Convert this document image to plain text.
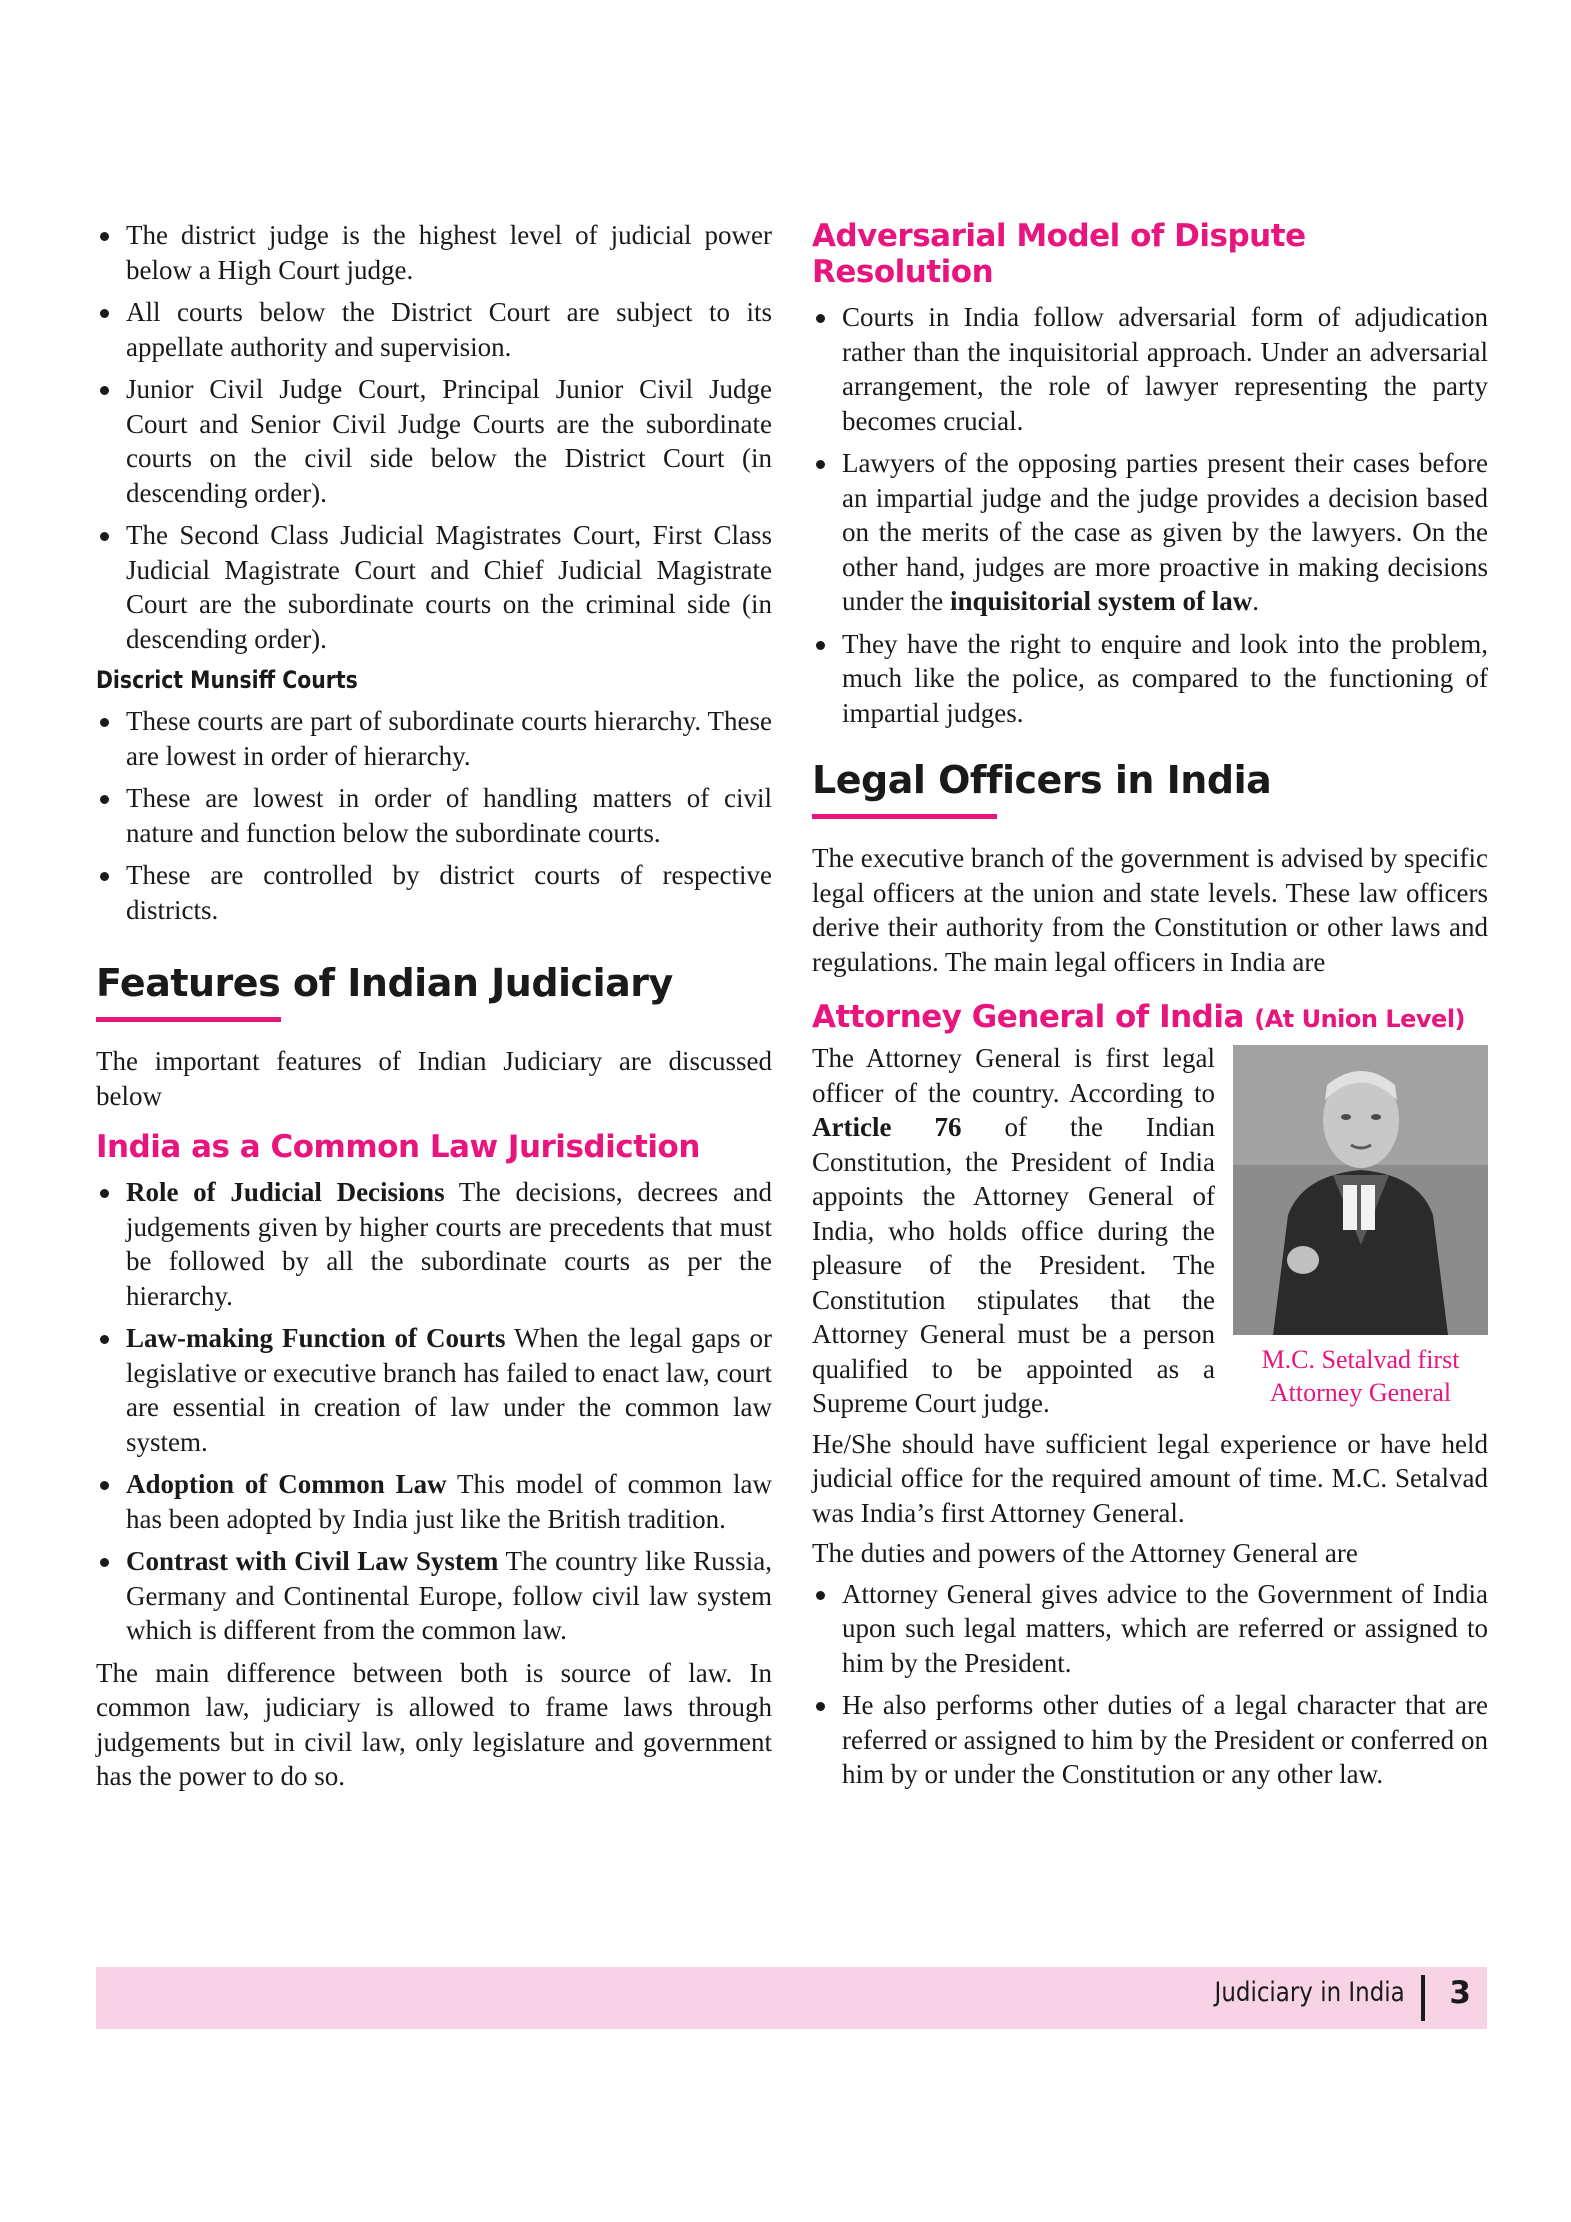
The district judge is the highest level of judicial power below a High Court judge.
All courts below the District Court are subject to its appellate authority and supervision.
Junior Civil Judge Court, Principal Junior Civil Judge Court and Senior Civil Judge Courts are the subordinate courts on the civil side below the District Court (in descending order).
The Second Class Judicial Magistrates Court, First Class Judicial Magistrate Court and Chief Judicial Magistrate Court are the subordinate courts on the criminal side (in descending order).
Discrict Munsiff Courts
These courts are part of subordinate courts hierarchy. These are lowest in order of hierarchy.
These are lowest in order of handling matters of civil nature and function below the subordinate courts.
These are controlled by district courts of respective districts.
Features of Indian Judiciary

The important features of Indian Judiciary are discussed below

India as a Common Law Jurisdiction
Role of Judicial Decisions The decisions, decrees and judgements given by higher courts are precedents that must be followed by all the subordinate courts as per the hierarchy.
Law-making Function of Courts When the legal gaps or legislative or executive branch has failed to enact law, court are essential in creation of law under the common law system.
Adoption of Common Law This model of common law has been adopted by India just like the British tradition.
Contrast with Civil Law System The country like Russia, Germany and Continental Europe, follow civil law system which is different from the common law.

The main difference between both is source of law. In common law, judiciary is allowed to frame laws through judgements but in civil law, only legislature and government has the power to do so.

Adversarial Model of Dispute Resolution
Courts in India follow adversarial form of adjudication rather than the inquisitorial approach. Under an adversarial arrangement, the role of lawyer representing the party becomes crucial.
Lawyers of the opposing parties present their cases before an impartial judge and the judge provides a decision based on the merits of the case as given by the lawyers. On the other hand, judges are more proactive in making decisions under the inquisitorial system of law.
They have the right to enquire and look into the problem, much like the police, as compared to the functioning of impartial judges.
Legal Officers in India

The executive branch of the government is advised by specific legal officers at the union and state levels. These law officers derive their authority from the Constitution or other laws and regulations. The main legal officers in India are

Attorney General of India (At Union Level)
M.C. Setalvad first Attorney General

The Attorney General is first legal officer of the country. According to Article 76 of the Indian Constitution, the President of India appoints the Attorney General of India, who holds office during the pleasure of the President. The Constitution stipulates that the Attorney General must be a person qualified to be appointed as a Supreme Court judge.

He/She should have sufficient legal experience or have held judicial office for the required amount of time. M.C. Setalvad was India’s first Attorney General.

The duties and powers of the Attorney General are

Attorney General gives advice to the Government of India upon such legal matters, which are referred or assigned to him by the President.
He also performs other duties of a legal character that are referred or assigned to him by the President or conferred on him by or under the Constitution or any other law.
Judiciary in India 3
